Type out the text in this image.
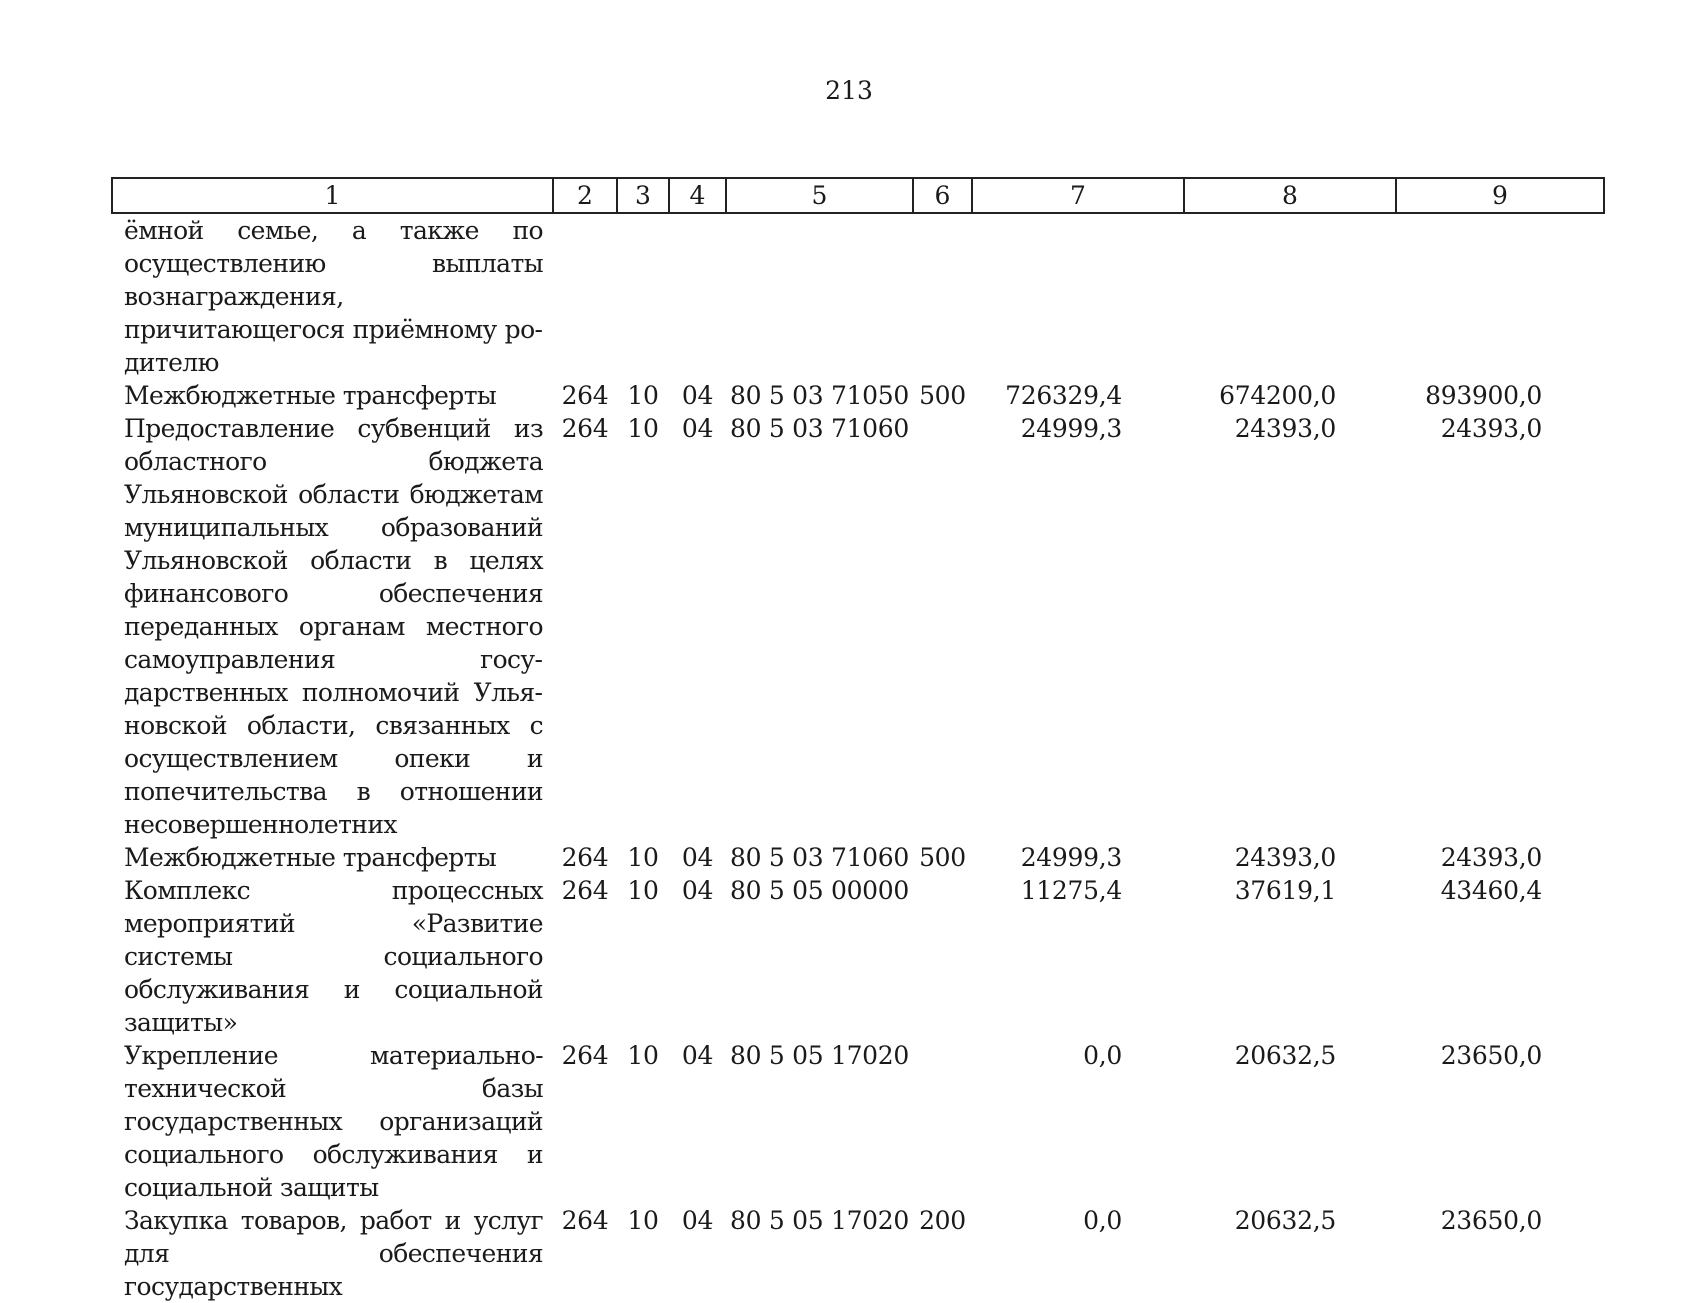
213
1	2	3	4	5	6	7	8	9
ёмной семье, а также по осуществлению выплаты вознаграждения, причитающегося приёмному родителю								
Межбюджетные трансферты	264	10	04	80 5 03 71050	500	726329,4	674200,0	893900,0
Предоставление субвенций из областного бюджета Ульяновской области бюджетам муниципальных образований Ульяновской области в целях финансового обеспечения переданных органам местного самоуправления государственных полномочий Ульяновской области, связанных с осуществлением опеки и попечительства в отношении несовершеннолетних	264	10	04	80 5 03 71060		24999,3	24393,0	24393,0
Межбюджетные трансферты	264	10	04	80 5 03 71060	500	24999,3	24393,0	24393,0
Комплекс процессных мероприятий «Развитие системы социального обслуживания и социальной защиты»	264	10	04	80 5 05 00000		11275,4	37619,1	43460,4
Укрепление материально-технической базы государственных организаций социального обслуживания и социальной защиты	264	10	04	80 5 05 17020		0,0	20632,5	23650,0
Закупка товаров, работ и услуг для обеспечения государственных	264	10	04	80 5 05 17020	200	0,0	20632,5	23650,0
